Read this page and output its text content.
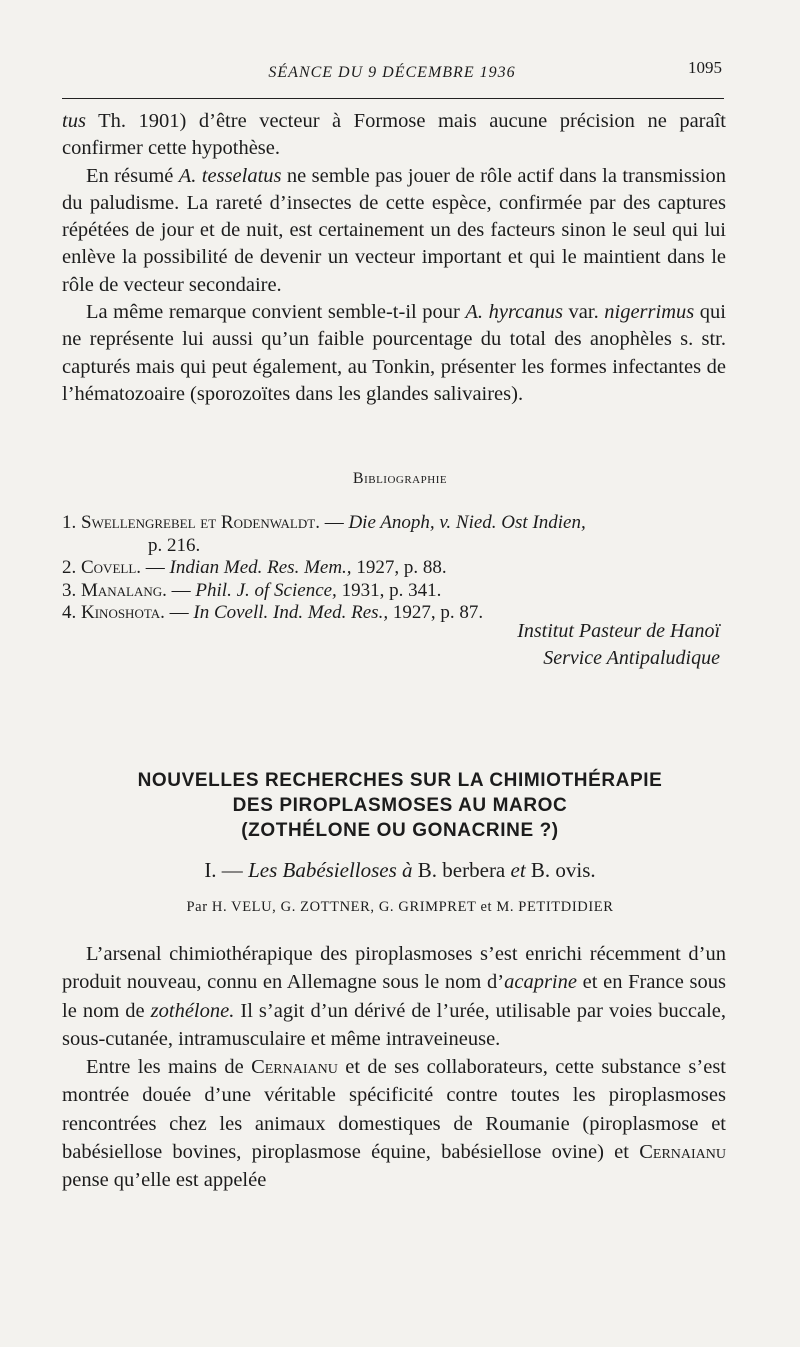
SÉANCE DU 9 DÉCEMBRE 1936	1095

tus Th. 1901) d’être vecteur à Formose mais aucune précision ne paraît confirmer cette hypothèse.

En résumé A. tesselatus ne semble pas jouer de rôle actif dans la transmission du paludisme. La rareté d’insectes de cette espèce, confirmée par des captures répétées de jour et de nuit, est certainement un des facteurs sinon le seul qui lui enlève la possibilité de devenir un vecteur important et qui le maintient dans le rôle de vecteur secondaire.

La même remarque convient semble-t-il pour A. hyrcanus var. nigerrimus qui ne représente lui aussi qu’un faible pourcentage du total des anophèles s. str. capturés mais qui peut également, au Tonkin, présenter les formes infectantes de l’hématozoaire (sporozoïtes dans les glandes salivaires).

Bibliographie

1. Swellengrebel et Rodenwaldt. — Die Anoph, v. Nied. Ost Indien,

p. 216.

2. Covell. — Indian Med. Res. Mem., 1927, p. 88.

3. Manalang. — Phil. J. of Science, 1931, p. 341.

4. Kinoshota. — In Covell. Ind. Med. Res., 1927, p. 87.

Institut Pasteur de Hanoï
Service Antipaludique
NOUVELLES RECHERCHES SUR LA CHIMIOTHÉRAPIE
DES PIROPLASMOSES AU MAROC
(ZOTHÉLONE OU GONACRINE ?)
I. — Les Babésielloses à B. berbera et B. ovis.
Par H. VELU, G. ZOTTNER, G. GRIMPRET et M. PETITDIDIER

L’arsenal chimiothérapique des piroplasmoses s’est enrichi récemment d’un produit nouveau, connu en Allemagne sous le nom d’acaprine et en France sous le nom de zothélone. Il s’agit d’un dérivé de l’urée, utilisable par voies buccale, sous-cutanée, intramusculaire et même intraveineuse.

Entre les mains de Cernaianu et de ses collaborateurs, cette substance s’est montrée douée d’une véritable spécificité contre toutes les piroplasmoses rencontrées chez les animaux domestiques de Roumanie (piroplasmose et babésiellose bovines, piroplasmose équine, babésiellose ovine) et Cernaianu pense qu’elle est appelée
